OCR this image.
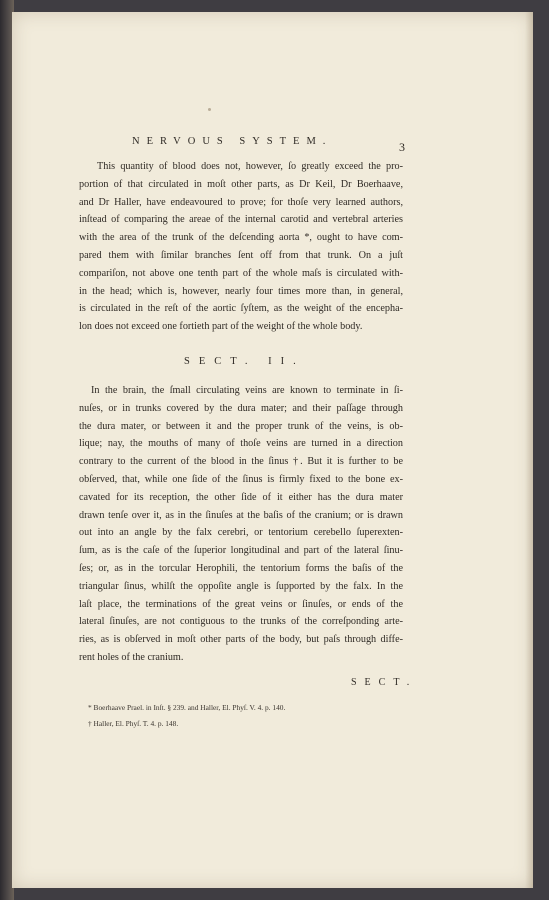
NERVOUS SYSTEM.	3
This quantity of blood does not, however, ſo greatly exceed the pro-
portion of that circulated in moſt other parts, as Dr Keil, Dr Boerhaave,
and Dr Haller, have endeavoured to prove; for thoſe very learned authors,
inſtead of comparing the areae of the internal carotid and vertebral arteries
with the area of the trunk of the deſcending aorta *, ought to have com-
pared them with ſimilar branches ſent off from that trunk. On a juſt
compariſon, not above one tenth part of the whole maſs is circulated with-
in the head; which is, however, nearly four times more than, in general,
is circulated in the reſt of the aortic ſyſtem, as the weight of the encepha-
lon does not exceed one fortieth part of the weight of the whole body.
SECT. II.
In the brain, the ſmall circulating veins are known to terminate in ſi-
nuſes, or in trunks covered by the dura mater; and their paſſage through
the dura mater, or between it and the proper trunk of the veins, is ob-
lique; nay, the mouths of many of thoſe veins are turned in a direction
contrary to the current of the blood in the ſinus †. But it is further to be
obſerved, that, while one ſide of the ſinus is firmly fixed to the bone ex-
cavated for its reception, the other ſide of it either has the dura mater
drawn tenſe over it, as in the ſinuſes at the baſis of the cranium; or is drawn
out into an angle by the falx cerebri, or tentorium cerebello ſuperexten-
ſum, as is the caſe of the ſuperior longitudinal and part of the lateral ſinu-
ſes; or, as in the torcular Herophili, the tentorium forms the baſis of the
triangular ſinus, whilſt the oppoſite angle is ſupported by the falx. In the
laſt place, the terminations of the great veins or ſinuſes, or ends of the
lateral ſinuſes, are not contiguous to the trunks of the correſponding arte-
ries, as is obſerved in moſt other parts of the body, but paſs through diffe-
rent holes of the cranium.
SECT.
* Boerhaave Prael. in Inſt. § 239. and Haller, El. Phyſ. V. 4. p. 140.
† Haller, El. Phyſ. T. 4. p. 148.
